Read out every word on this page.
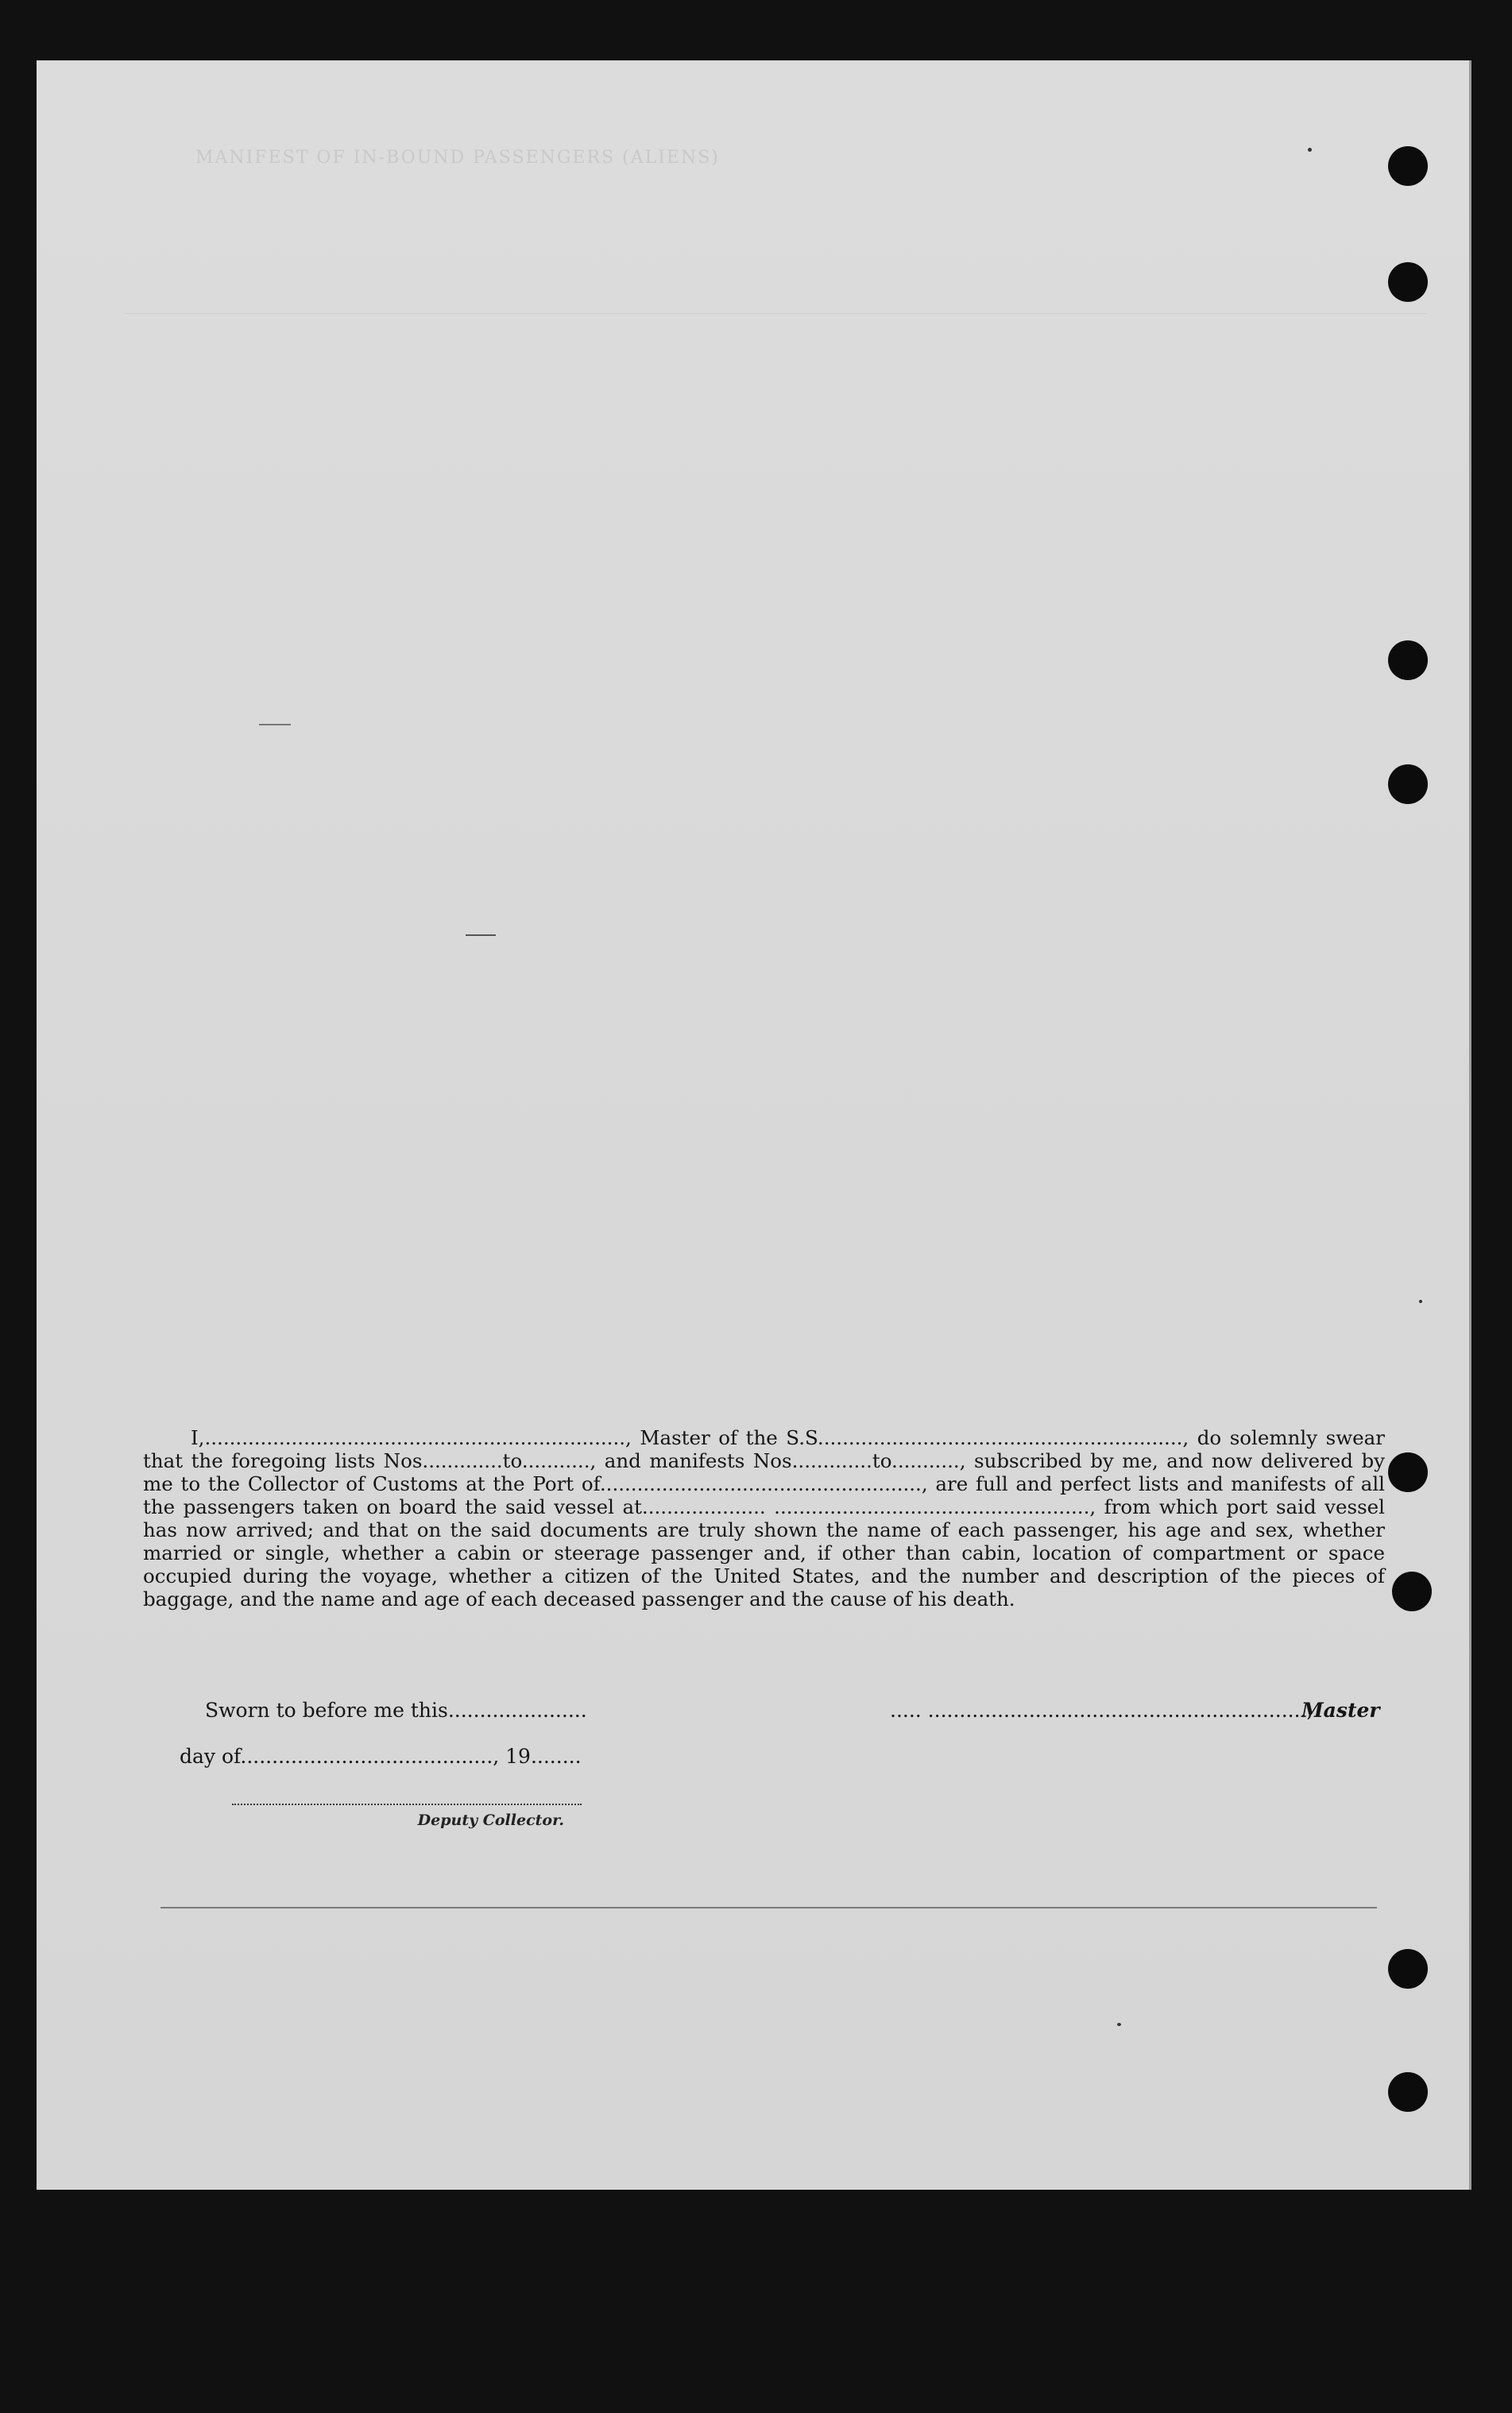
MANIFEST OF IN-BOUND PASSENGERS (ALIENS)
I,...................................................................., Master of the S.S..........................................................., do solemnly swear that the foregoing lists Nos.............to..........., and manifests Nos.............to..........., subscribed by me, and now delivered by me to the Collector of Customs at the Port of...................................................., are full and perfect lists and manifests of all the passengers taken on board the said vessel at.................... ..................................................., from which port said vessel has now arrived; and that on the said documents are truly shown the name of each passenger, his age and sex, whether married or single, whether a cabin or steerage passenger and, if other than cabin, location of compartment or space occupied during the voyage, whether a citizen of the United States, and the number and description of the pieces of baggage, and the name and age of each deceased passenger and the cause of his death.
Sworn to before me this......................	..... ............................................................,
Master
day of........................................, 19........
Deputy Collector.
